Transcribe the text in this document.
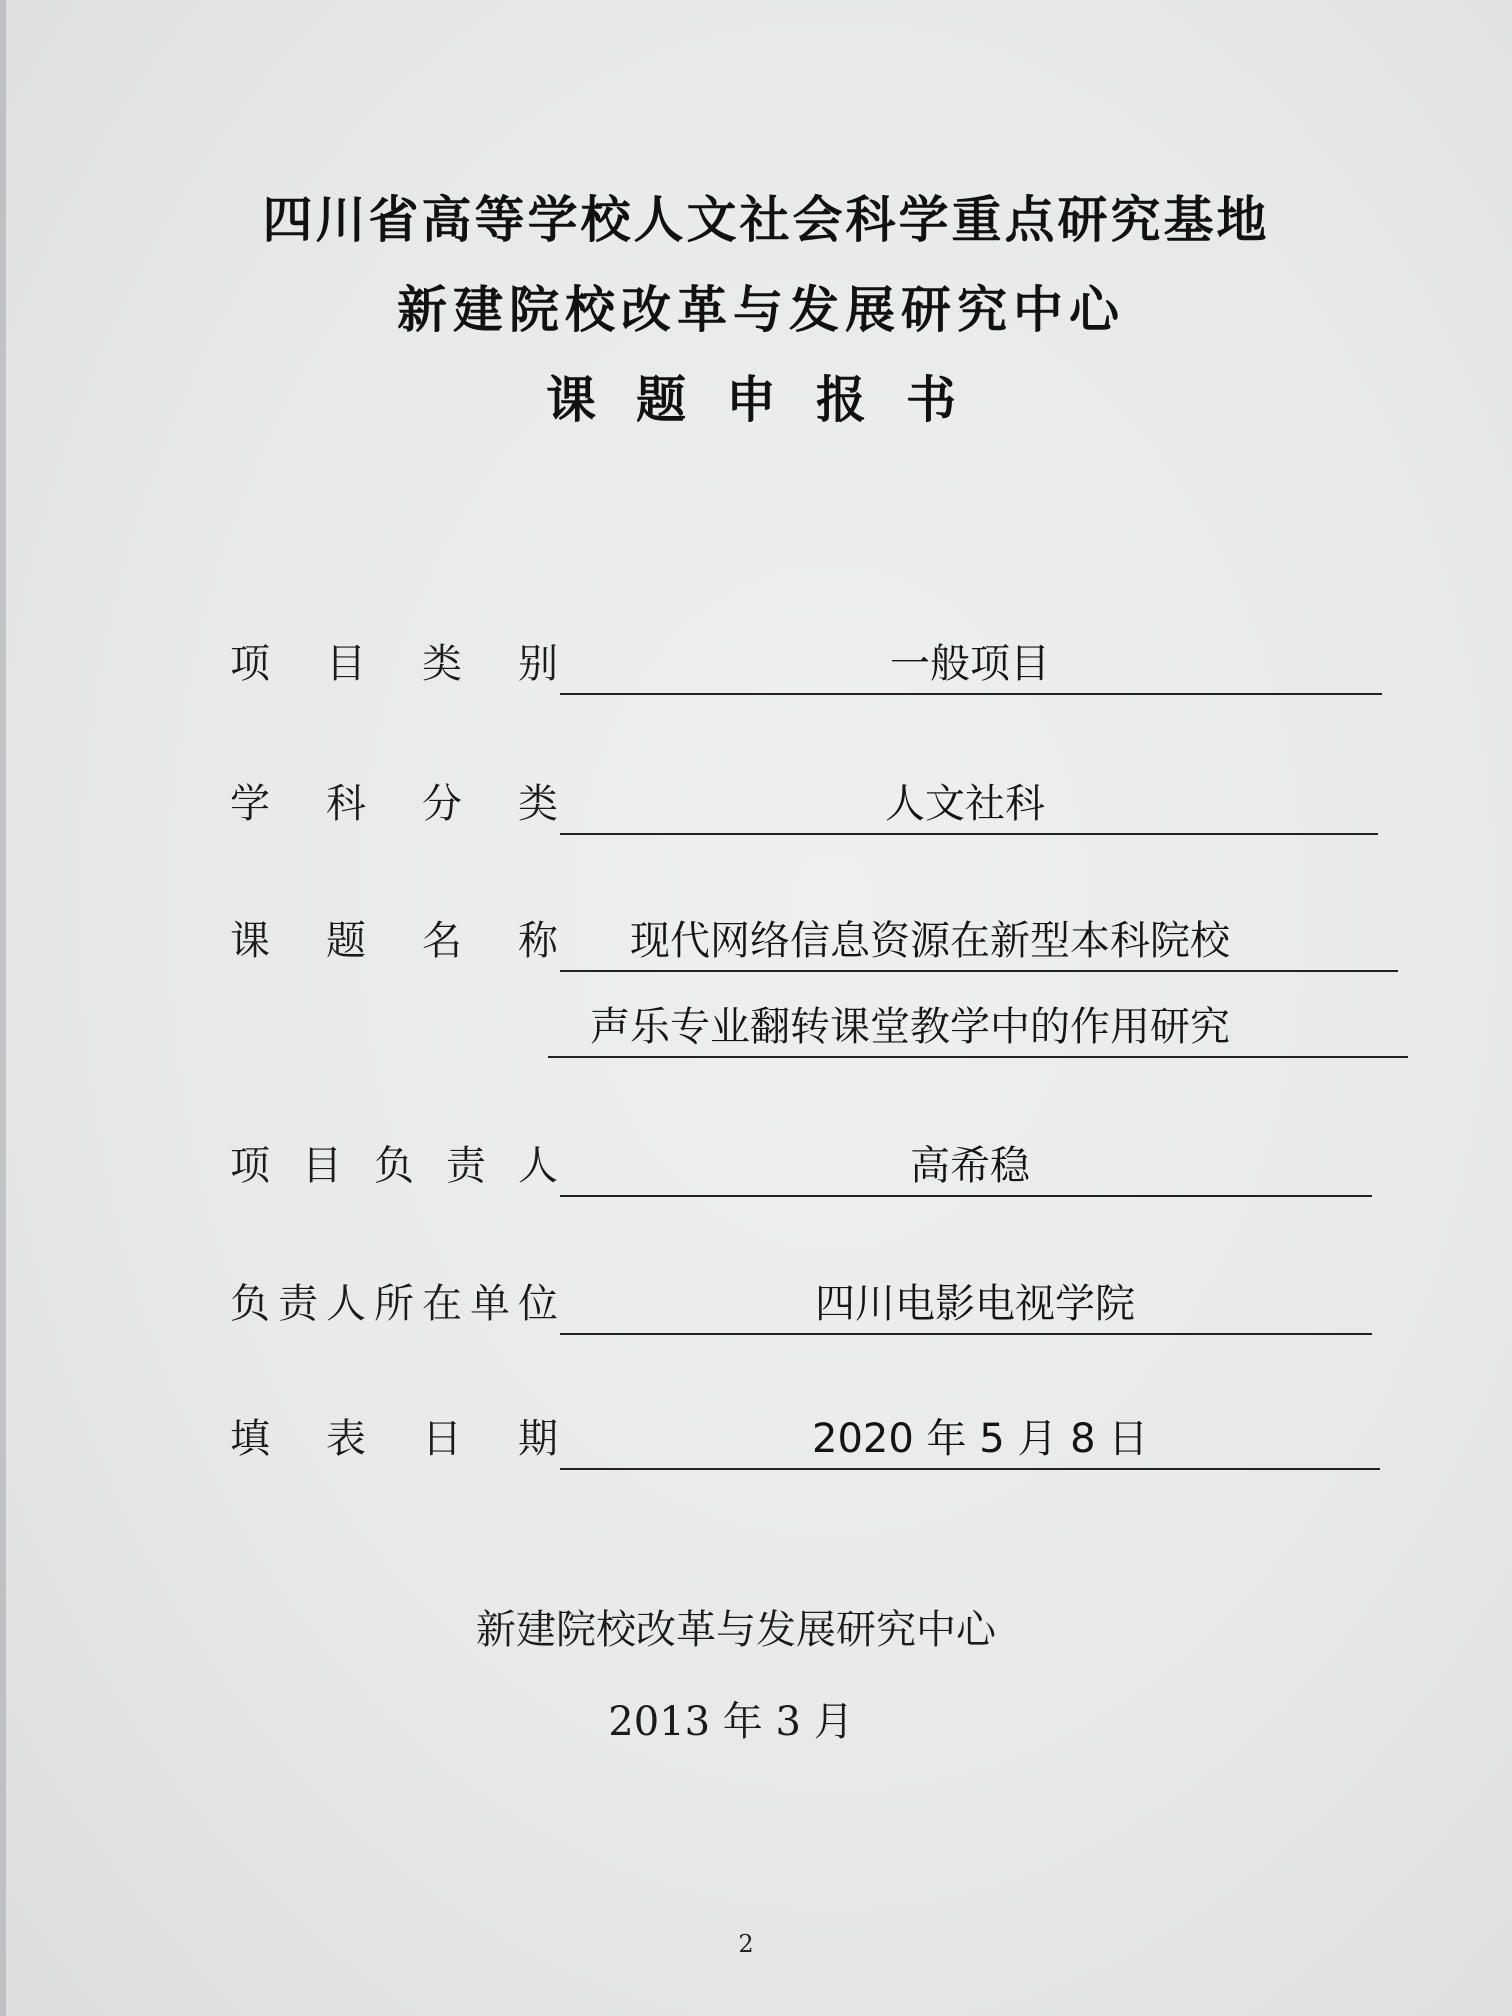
四川省高等学校人文社会科学重点研究基地
新建院校改革与发展研究中心
课题申报书
项 目 类 别	一般项目
学 科 分 类	人文社科
课 题 名 称 现代网络信息资源在新型本科院校
声乐专业翻转课堂教学中的作用研究
项 目 负 责 人	高希稳
负 责 人 所 在 单 位	四川电影电视学院
填 表 日 期	2020 年 5 月 8 日
新建院校改革与发展研究中心
2013 年 3 月
2
